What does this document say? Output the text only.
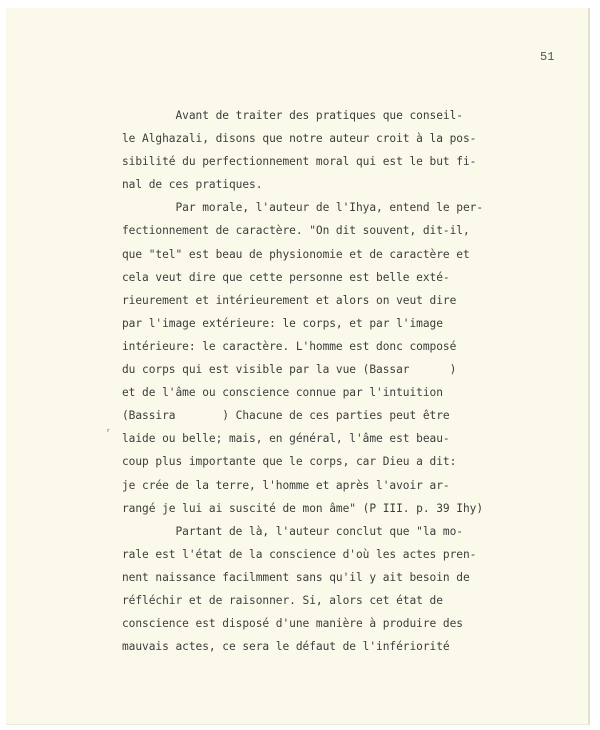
51
ᵣ
Avant de traiter des pratiques que conseil-
le Alghazali, disons que notre auteur croit à la pos-
sibilité du perfectionnement moral qui est le but fi-
nal de ces pratiques.
Par morale, l'auteur de l'Ihya, entend le per-
fectionnement de caractère. "On dit souvent, dit-il,
que "tel" est beau de physionomie et de caractère et
cela veut dire que cette personne est belle exté-
rieurement et intérieurement et alors on veut dire
par l'image extérieure: le corps, et par l'image
intérieure: le caractère. L'homme est donc composé
du corps qui est visible par la vue (Bassar      )
et de l'âme ou conscience connue par l'intuition
(Bassira       ) Chacune de ces parties peut être
laide ou belle; mais, en général, l'âme est beau-
coup plus importante que le corps, car Dieu a dit:
je crée de la terre, l'homme et après l'avoir ar-
rangé je lui ai suscité de mon âme" (P III. p. 39 Ihy)
Partant de là, l'auteur conclut que "la mo-
rale est l'état de la conscience d'où les actes pren-
nent naissance facilmment sans qu'il y ait besoin de
réfléchir et de raisonner. Si, alors cet état de
conscience est disposé d'une manière à produire des
mauvais actes, ce sera le défaut de l'infériorité
